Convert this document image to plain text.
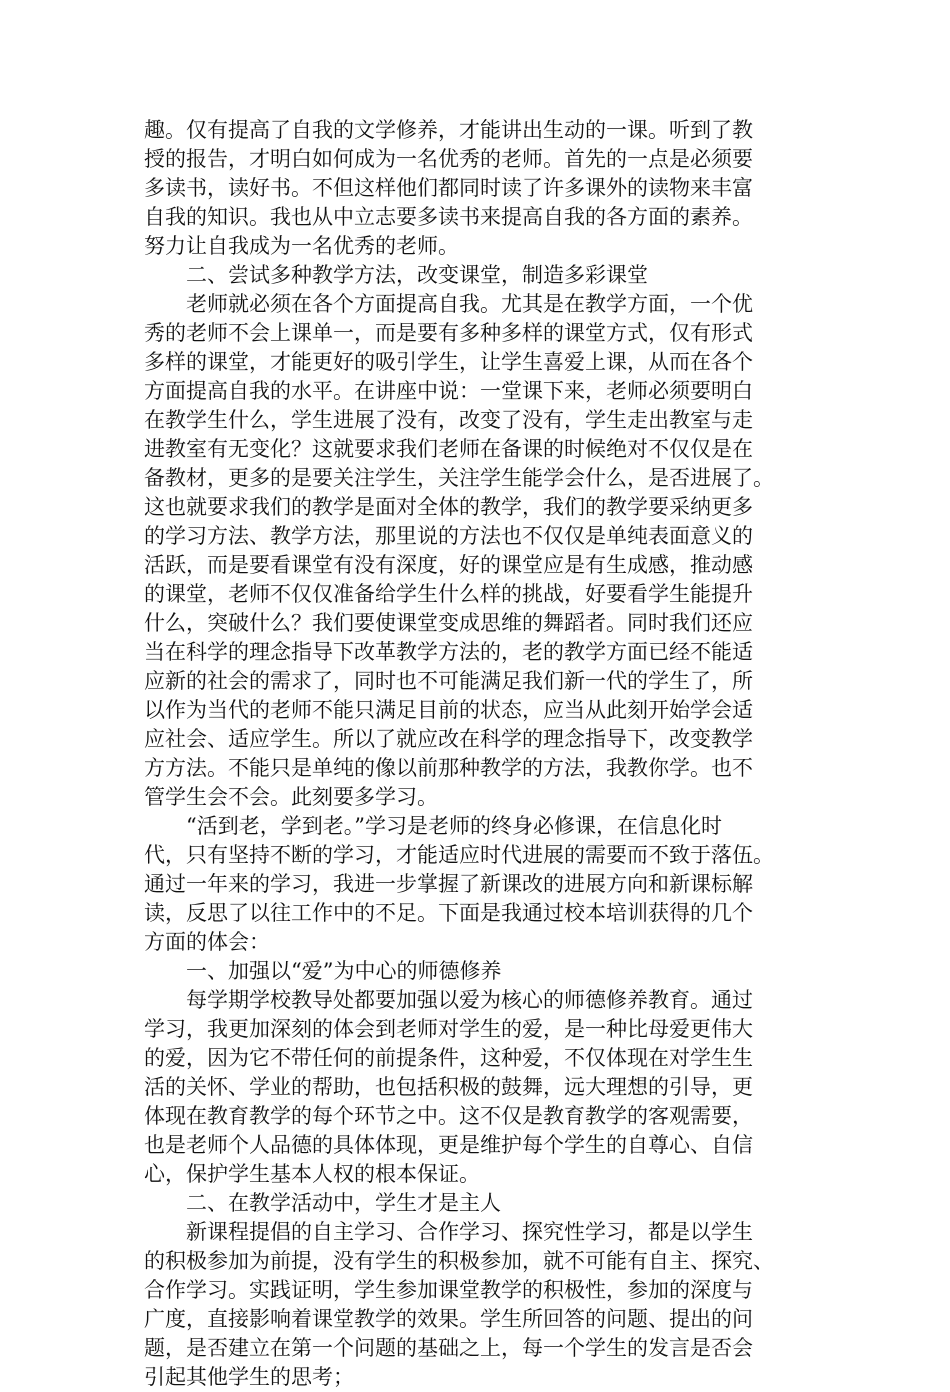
趣。仅有提高了自我的文学修养，才能讲出生动的一课。听到了教
授的报告，才明白如何成为一名优秀的老师。首先的一点是必须要
多读书，读好书。不但这样他们都同时读了许多课外的读物来丰富
自我的知识。我也从中立志要多读书来提高自我的各方面的素养。
努力让自我成为一名优秀的老师。
二、尝试多种教学方法，改变课堂，制造多彩课堂
老师就必须在各个方面提高自我。尤其是在教学方面，一个优
秀的老师不会上课单一，而是要有多种多样的课堂方式，仅有形式
多样的课堂，才能更好的吸引学生，让学生喜爱上课，从而在各个
方面提高自我的水平。在讲座中说：一堂课下来，老师必须要明白
在教学生什么，学生进展了没有，改变了没有，学生走出教室与走
进教室有无变化？这就要求我们老师在备课的时候绝对不仅仅是在
备教材，更多的是要关注学生，关注学生能学会什么，是否进展了。
这也就要求我们的教学是面对全体的教学，我们的教学要采纳更多
的学习方法、教学方法，那里说的方法也不仅仅是单纯表面意义的
活跃，而是要看课堂有没有深度，好的课堂应是有生成感，推动感
的课堂，老师不仅仅准备给学生什么样的挑战，好要看学生能提升
什么，突破什么？我们要使课堂变成思维的舞蹈者。同时我们还应
当在科学的理念指导下改革教学方法的，老的教学方面已经不能适
应新的社会的需求了，同时也不可能满足我们新一代的学生了，所
以作为当代的老师不能只满足目前的状态，应当从此刻开始学会适
应社会、适应学生。所以了就应改在科学的理念指导下，改变教学
方方法。不能只是单纯的像以前那种教学的方法，我教你学。也不
管学生会不会。此刻要多学习。
“活到老，学到老。”学习是老师的终身必修课，在信息化时
代，只有坚持不断的学习，才能适应时代进展的需要而不致于落伍。
通过一年来的学习，我进一步掌握了新课改的进展方向和新课标解
读，反思了以往工作中的不足。下面是我通过校本培训获得的几个
方面的体会：
一、加强以“爱”为中心的师德修养
每学期学校教导处都要加强以爱为核心的师德修养教育。通过
学习，我更加深刻的体会到老师对学生的爱，是一种比母爱更伟大
的爱，因为它不带任何的前提条件，这种爱，不仅体现在对学生生
活的关怀、学业的帮助，也包括积极的鼓舞，远大理想的引导，更
体现在教育教学的每个环节之中。这不仅是教育教学的客观需要，
也是老师个人品德的具体体现，更是维护每个学生的自尊心、自信
心，保护学生基本人权的根本保证。
二、在教学活动中，学生才是主人
新课程提倡的自主学习、合作学习、探究性学习，都是以学生
的积极参加为前提，没有学生的积极参加，就不可能有自主、探究、
合作学习。实践证明，学生参加课堂教学的积极性，参加的深度与
广度，直接影响着课堂教学的效果。学生所回答的问题、提出的问
题，是否建立在第一个问题的基础之上，每一个学生的发言是否会
引起其他学生的思考；
